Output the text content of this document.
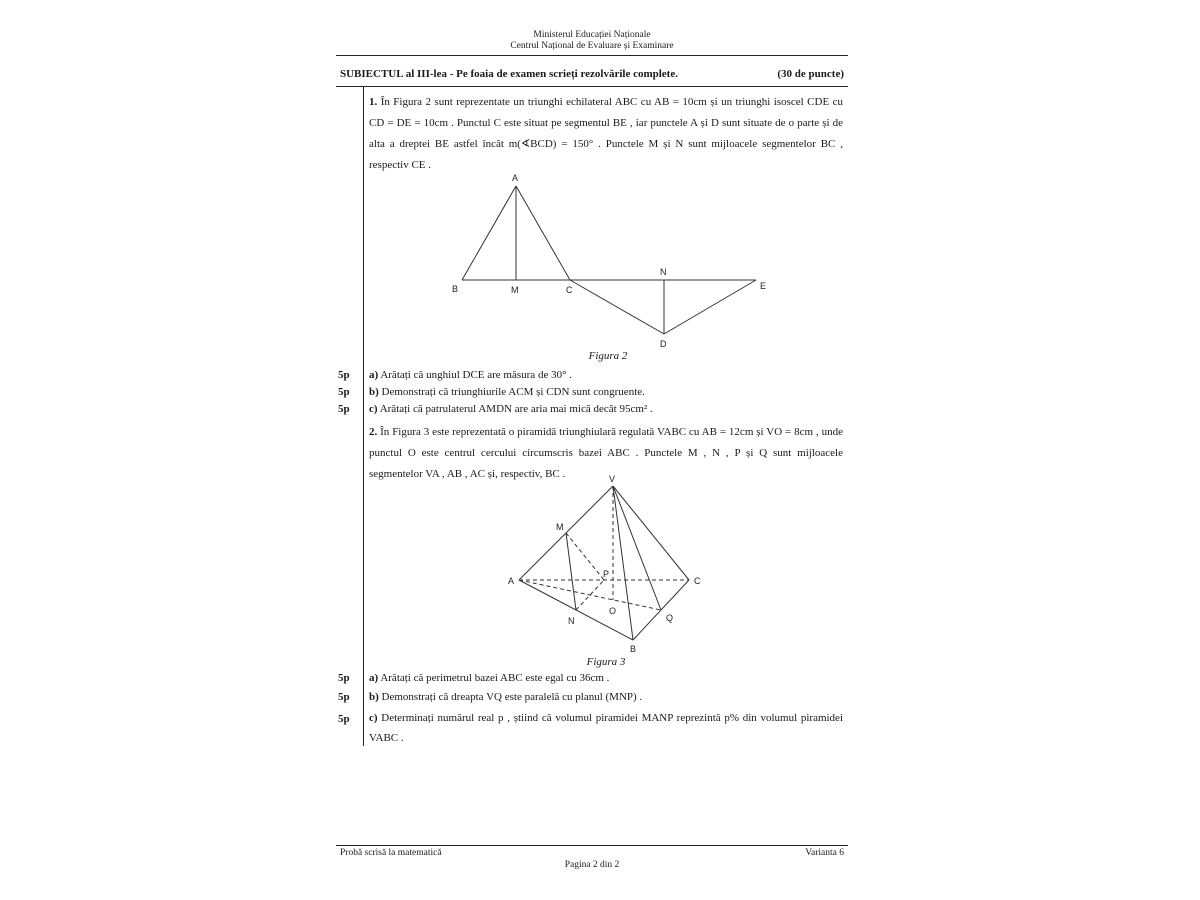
Ministerul Educației Naționale
Centrul Național de Evaluare și Examinare
SUBIECTUL al III-lea - Pe foaia de examen scrieți rezolvările complete.	(30 de puncte)
1. În Figura 2 sunt reprezentate un triunghi echilateral ABC cu AB = 10cm și un triunghi isoscel CDE cu CD = DE = 10cm . Punctul C este situat pe segmentul BE , iar punctele A și D sunt situate de o parte și de alta a dreptei BE astfel încât m(∢BCD) = 150° . Punctele M și N sunt mijloacele segmentelor BC , respectiv CE .
A
B	M	C
N
E
D
Figura 2
5p a) Arătați că unghiul DCE are măsura de 30° .
5p b) Demonstrați că triunghiurile ACM și CDN sunt congruente.
5p c) Arătați că patrulaterul AMDN are aria mai mică decât 95cm² .
2. În Figura 3 este reprezentată o piramidă triunghiulară regulată VABC cu AB = 12cm și VO = 8cm , unde punctul O este centrul cercului circumscris bazei ABC . Punctele M , N , P și Q sunt mijloacele segmentelor VA , AB , AC și, respectiv, BC .	V
M
A
P
C
O
N	Q
B
Figura 3
5p a) Arătați că perimetrul bazei ABC este egal cu 36cm .
5p b) Demonstrați că dreapta VQ este paralelă cu planul (MNP) .
5p c) Determinați numărul real p , știind că volumul piramidei MANP reprezintă p% din volumul piramidei VABC .
Probă scrisă la matematică	Varianta 6
Pagina 2 din 2
